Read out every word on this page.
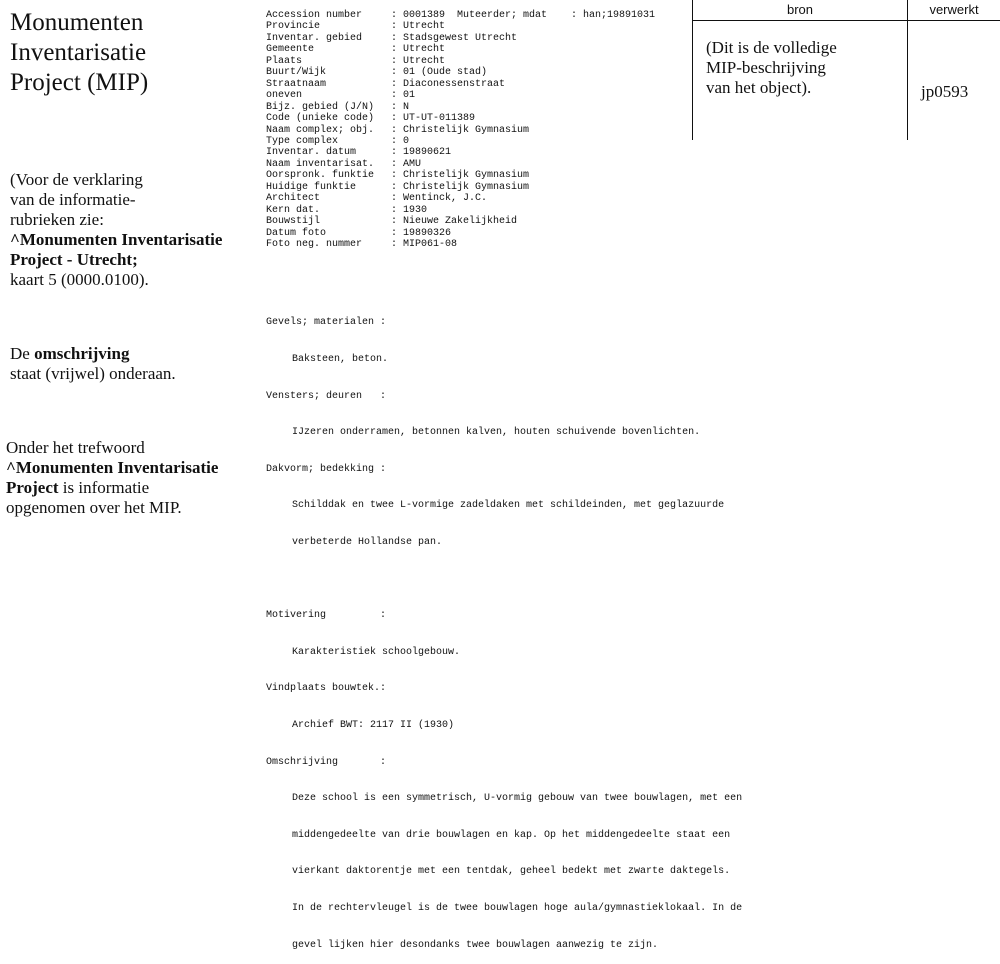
Monumenten
Inventarisatie
Project (MIP)
(Voor de verklaring
van de informatie-
rubrieken zie:
^Monumenten Inventarisatie
Project - Utrecht;
kaart 5 (0000.0100).
De omschrijving
staat (vrijwel) onderaan.
Onder het trefwoord
^Monumenten Inventarisatie
Project is informatie
opgenomen over het MIP.
Accession number	: 0001389  Muteerder; mdat    : han;19891031
Provincie	: Utrecht
Inventar. gebied	: Stadsgewest Utrecht
Gemeente	: Utrecht
Plaats	: Utrecht
Buurt/Wijk	: 01 (Oude stad)
Straatnaam	: Diaconessenstraat
oneven	: 01
Bijz. gebied (J/N) : N
Code (unieke code) : UT-UT-011389
Naam complex; obj. : Christelijk Gymnasium
Type complex	: 0
Inventar. datum	: 19890621
Naam inventarisat. : AMU
Oorspronk. funktie : Christelijk Gymnasium
Huidige funktie	: Christelijk Gymnasium
Architect	: Wentinck, J.C.
Kern dat.	: 1930
Bouwstijl	: Nieuwe Zakelijkheid
Datum foto	: 19890326
Foto neg. nummer	: MIP061-08

Gevels; materialen :

Baksteen, beton.

Vensters; deuren   :

IJzeren onderramen, betonnen kalven, houten schuivende bovenlichten.

Dakvorm; bedekking :

Schilddak en twee L-vormige zadeldaken met schildeinden, met geglazuurde

verbeterde Hollandse pan.

Motivering         :

Karakteristiek schoolgebouw.

Vindplaats bouwtek.:

Archief BWT: 2117 II (1930)

Omschrijving       :

Deze school is een symmetrisch, U-vormig gebouw van twee bouwlagen, met een

middengedeelte van drie bouwlagen en kap. Op het middengedeelte staat een

vierkant daktorentje met een tentdak, geheel bedekt met zwarte daktegels.

In de rechtervleugel is de twee bouwlagen hoge aula/gymnastieklokaal. In de

gevel lijken hier desondanks twee bouwlagen aanwezig te zijn.

bron	verwerkt
(Dit is de volledige
MIP-beschrijving
van het object).	jp0593
